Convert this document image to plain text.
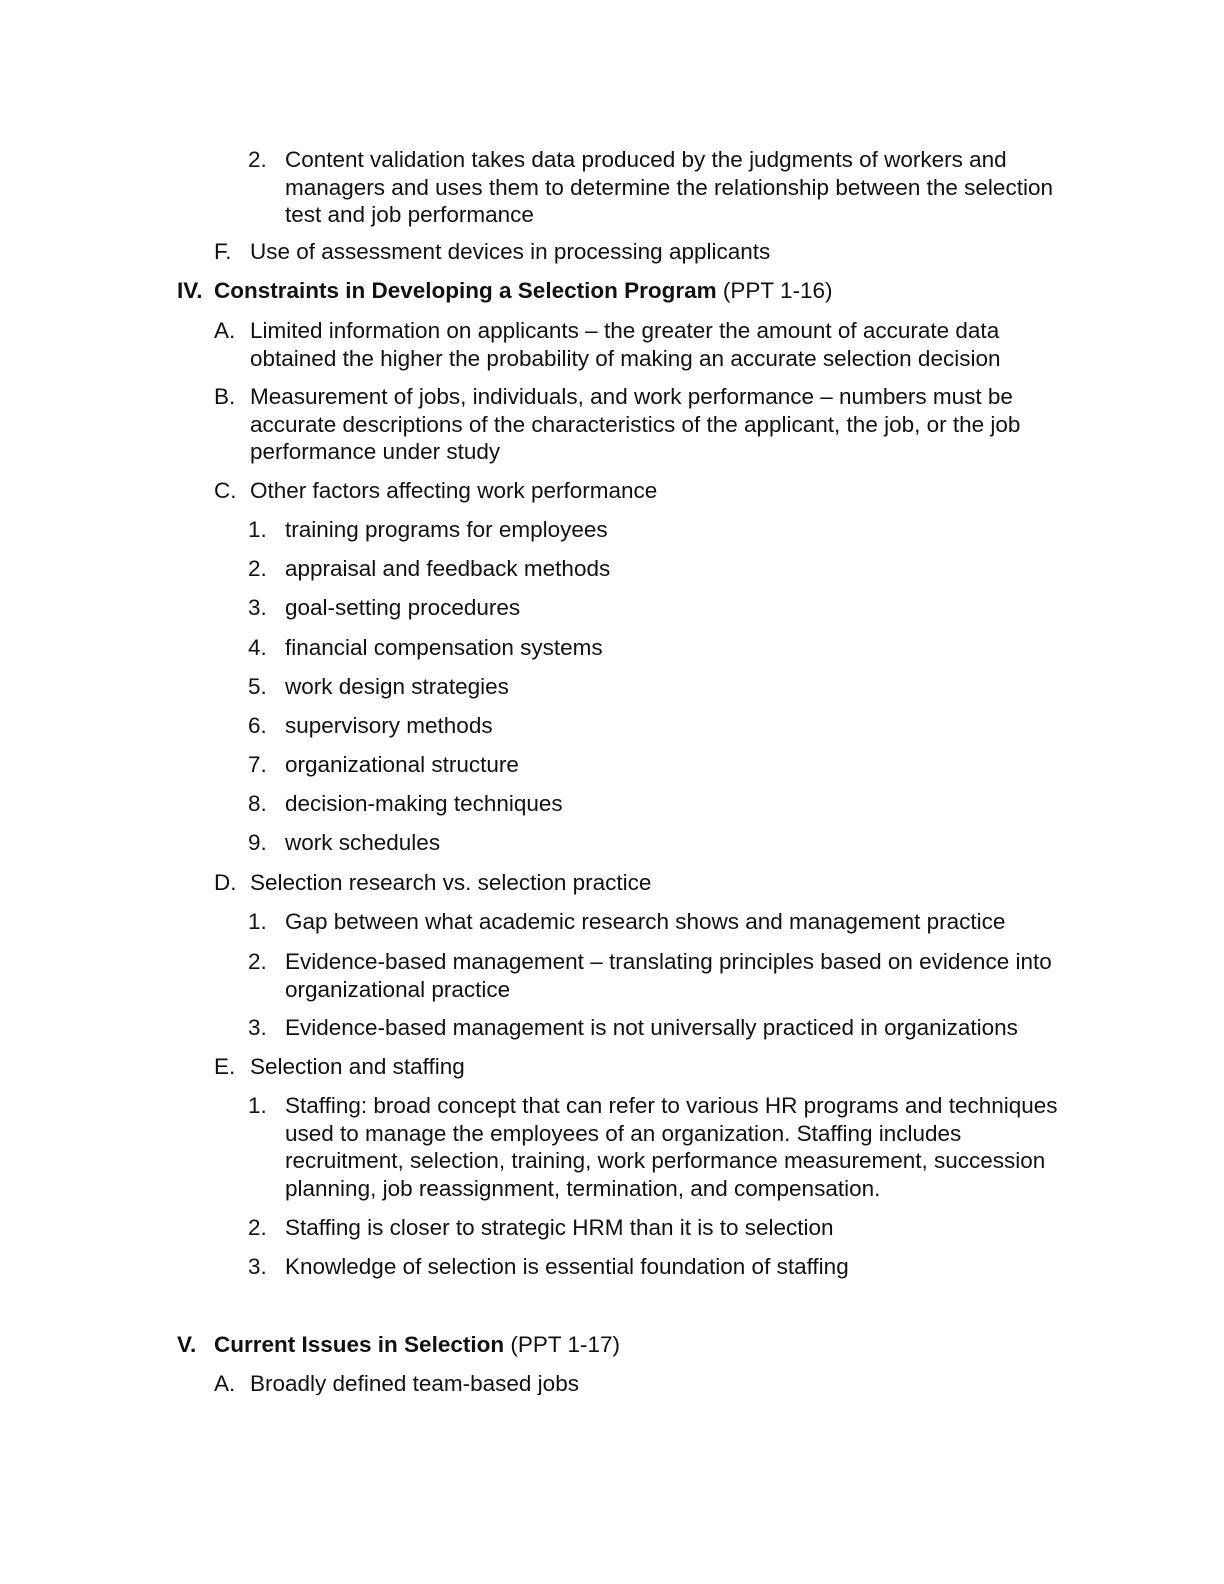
2. Content validation takes data produced by the judgments of workers and managers and uses them to determine the relationship between the selection test and job performance
F. Use of assessment devices in processing applicants
IV. Constraints in Developing a Selection Program (PPT 1-16)
A. Limited information on applicants – the greater the amount of accurate data obtained the higher the probability of making an accurate selection decision
B. Measurement of jobs, individuals, and work performance – numbers must be accurate descriptions of the characteristics of the applicant, the job, or the job performance under study
C. Other factors affecting work performance
1. training programs for employees
2. appraisal and feedback methods
3. goal-setting procedures
4. financial compensation systems
5. work design strategies
6. supervisory methods
7. organizational structure
8. decision-making techniques
9. work schedules
D. Selection research vs. selection practice
1. Gap between what academic research shows and management practice
2. Evidence-based management – translating principles based on evidence into organizational practice
3. Evidence-based management is not universally practiced in organizations
E. Selection and staffing
1. Staffing: broad concept that can refer to various HR programs and techniques used to manage the employees of an organization. Staffing includes recruitment, selection, training, work performance measurement, succession planning, job reassignment, termination, and compensation.
2. Staffing is closer to strategic HRM than it is to selection
3. Knowledge of selection is essential foundation of staffing
V. Current Issues in Selection (PPT 1-17)
A. Broadly defined team-based jobs
